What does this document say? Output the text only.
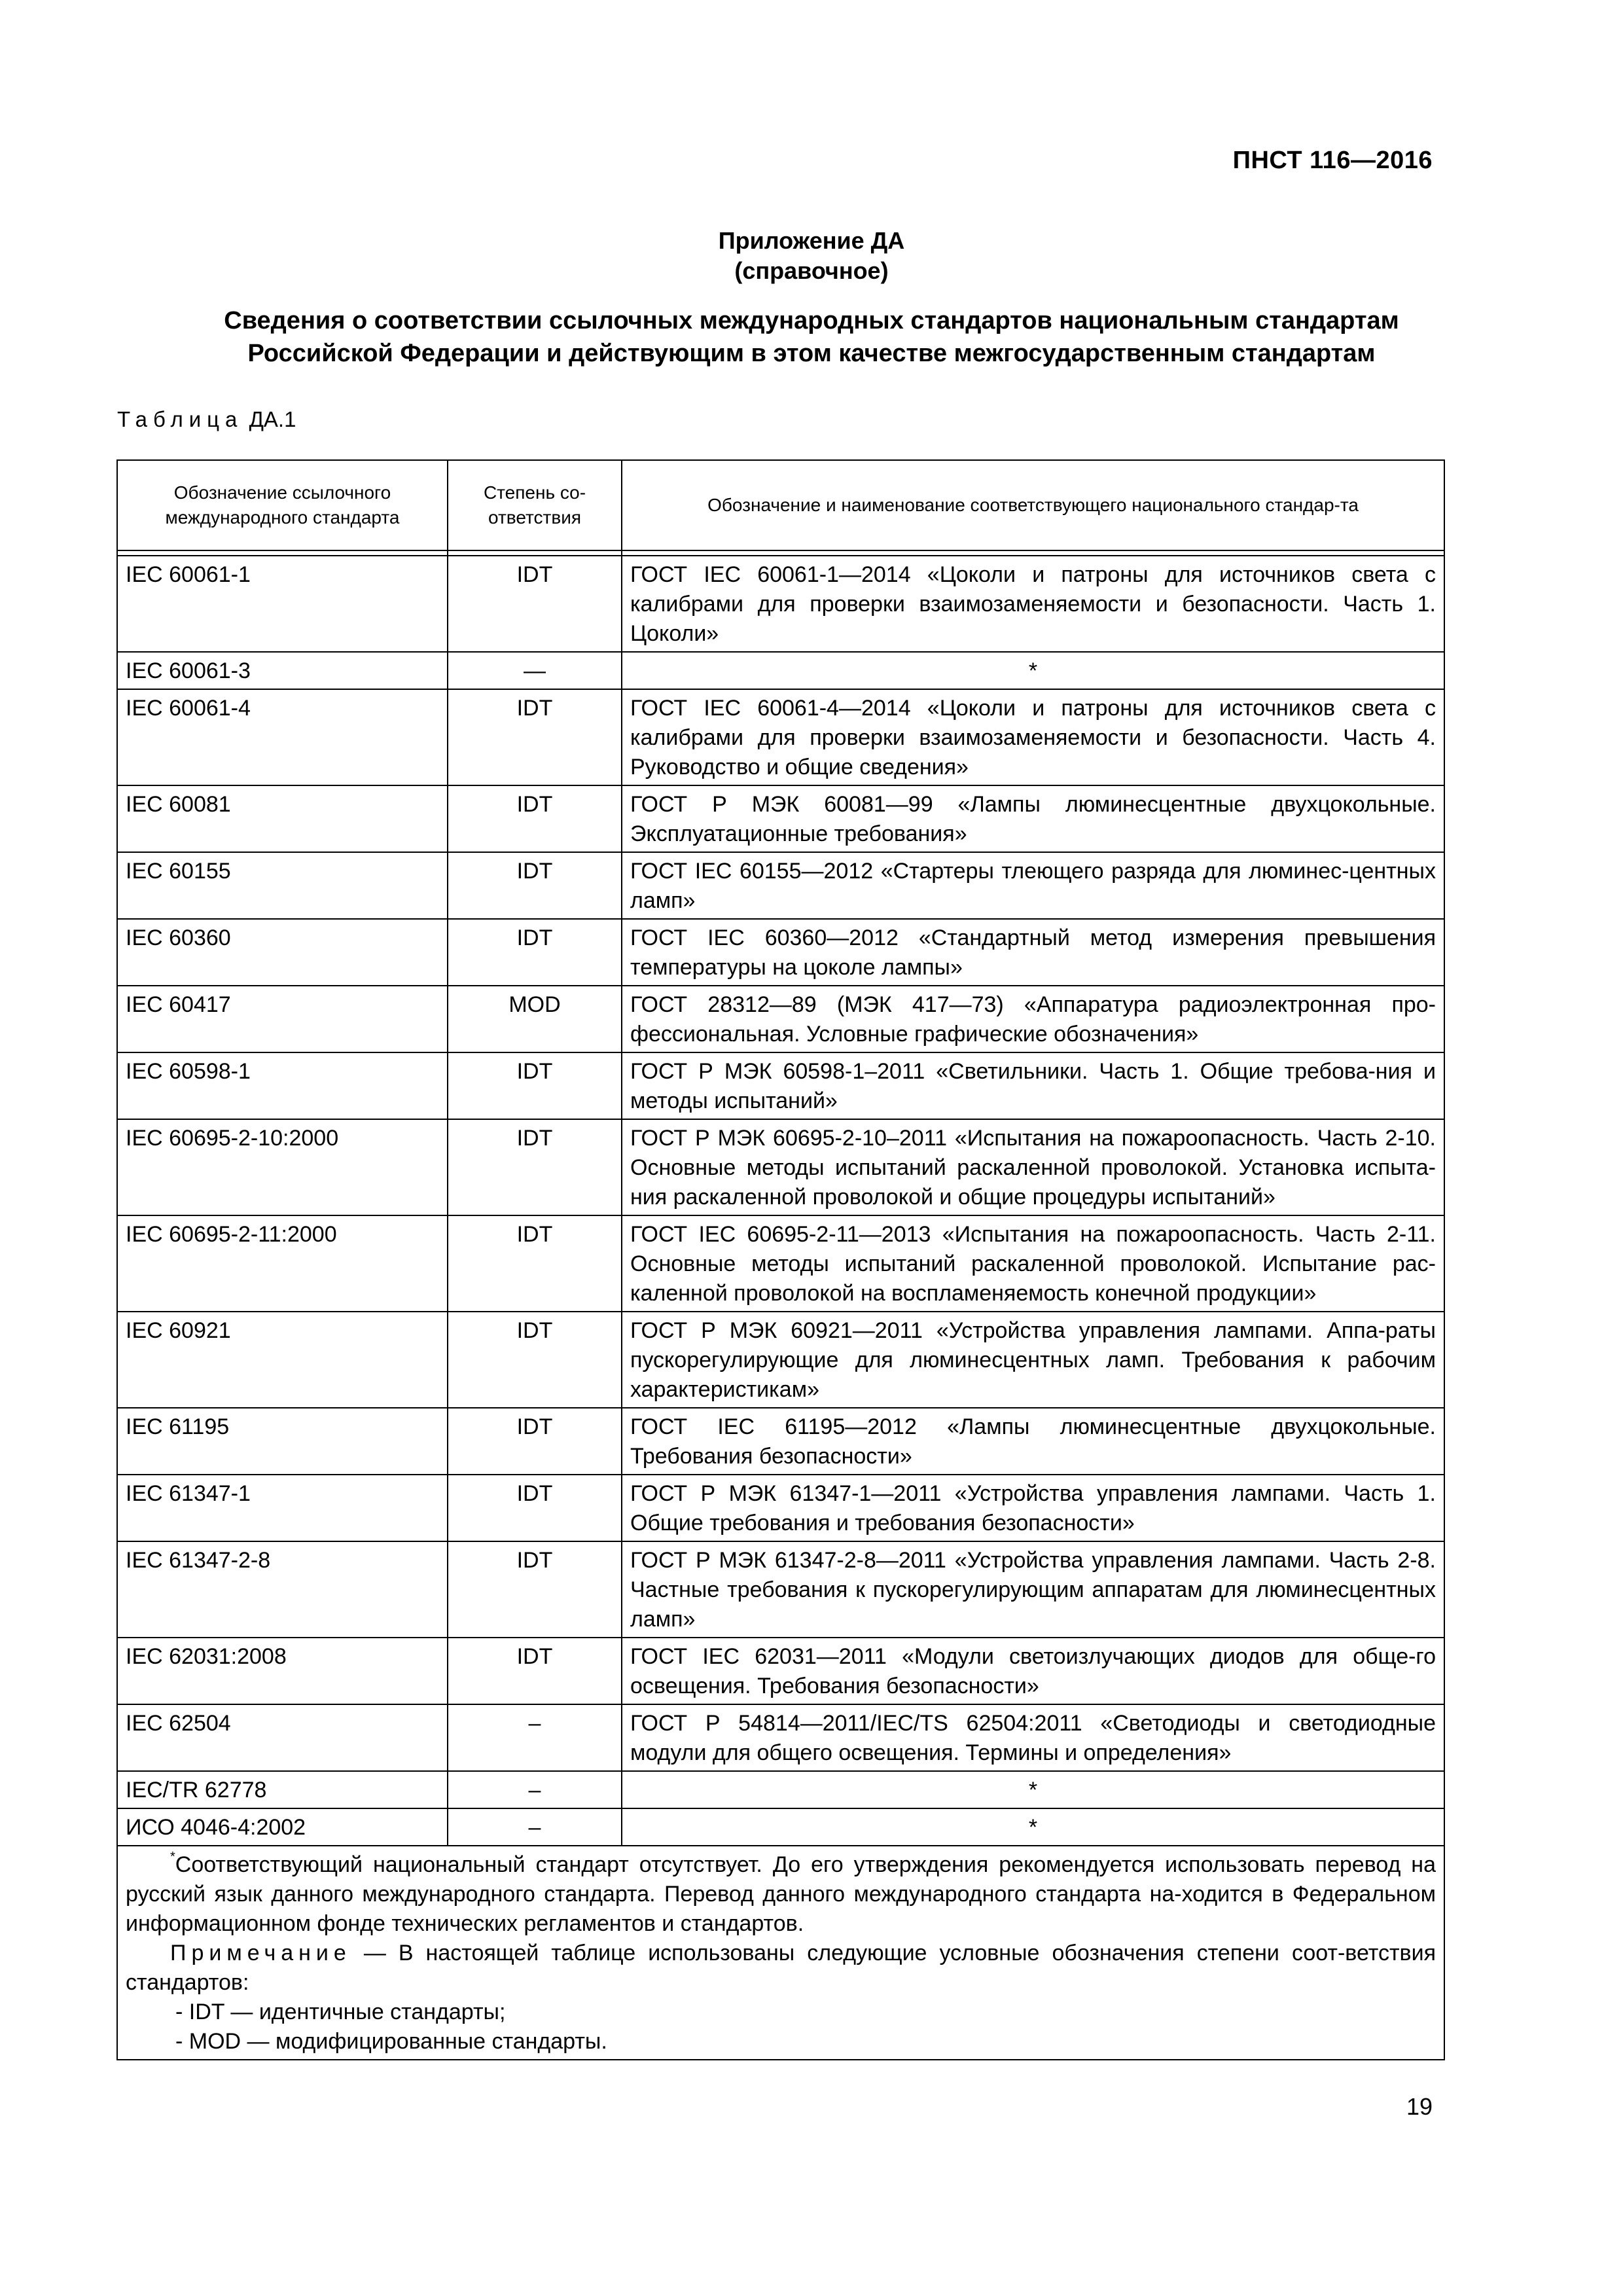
ПНСТ 116—2016
Приложение ДА
(справочное)
Сведения о соответствии ссылочных международных стандартов национальным стандартам
Российской Федерации и действующим в этом качестве межгосударственным стандартам
Таблица ДА.1
Обозначение ссылочного международного стандарта	Степень со-ответствия	Обозначение и наименование соответствующего национального стандар-та

IEC 60061-1	IDT	ГОСТ IEC 60061-1—2014 «Цоколи и патроны для источников света с калибрами для проверки взаимозаменяемости и безопасности. Часть 1. Цоколи»
IEC 60061-3	—	*
IEC 60061-4	IDT	ГОСТ IEC 60061-4—2014 «Цоколи и патроны для источников света с калибрами для проверки взаимозаменяемости и безопасности. Часть 4. Руководство и общие сведения»
IEC 60081	IDT	ГОСТ Р МЭК 60081—99 «Лампы люминесцентные двухцокольные. Эксплуатационные требования»
IEC 60155	IDT	ГОСТ IEC 60155—2012 «Стартеры тлеющего разряда для люминес-центных ламп»
IEC 60360	IDT	ГОСТ IEC 60360—2012 «Стандартный метод измерения превышения температуры на цоколе лампы»
IEC 60417	MOD	ГОСТ 28312—89 (МЭК 417—73) «Аппаратура радиоэлектронная про-фессиональная. Условные графические обозначения»
IEC 60598-1	IDT	ГОСТ Р МЭК 60598-1–2011 «Светильники. Часть 1. Общие требова-ния и методы испытаний»
IEC 60695-2-10:2000	IDT	ГОСТ Р МЭК 60695-2-10–2011 «Испытания на пожароопасность. Часть 2-10. Основные методы испытаний раскаленной проволокой. Установка испыта-ния раскаленной проволокой и общие процедуры испытаний»
IEC 60695-2-11:2000	IDT	ГОСТ IEC 60695-2-11—2013 «Испытания на пожароопасность. Часть 2-11. Основные методы испытаний раскаленной проволокой. Испытание рас-каленной проволокой на воспламеняемость конечной продукции»
IEC 60921	IDT	ГОСТ Р МЭК 60921—2011 «Устройства управления лампами. Аппа-раты пускорегулирующие для люминесцентных ламп. Требования к рабочим характеристикам»
IEC 61195	IDT	ГОСТ IEC 61195—2012 «Лампы люминесцентные двухцокольные. Требования безопасности»
IEC 61347-1	IDT	ГОСТ Р МЭК 61347-1—2011 «Устройства управления лампами. Часть 1. Общие требования и требования безопасности»
IEC 61347-2-8	IDT	ГОСТ Р МЭК 61347-2-8—2011 «Устройства управления лампами. Часть 2-8. Частные требования к пускорегулирующим аппаратам для люминесцентных ламп»
IEC 62031:2008	IDT	ГОСТ IEC 62031—2011 «Модули светоизлучающих диодов для обще-го освещения. Требования безопасности»
IEC 62504	–	ГОСТ Р 54814—2011/IEC/TS 62504:2011 «Светодиоды и светодиодные модули для общего освещения. Термины и определения»
IEC/TR 62778	–	*
ИСО 4046-4:2002	–	*

*Соответствующий национальный стандарт отсутствует. До его утверждения рекомендуется использовать перевод на русский язык данного международного стандарта. Перевод данного международного стандарта на-ходится в Федеральном информационном фонде технических регламентов и стандартов.

Примечание — В настоящей таблице использованы следующие условные обозначения степени соот-ветствия стандартов:

- IDT — идентичные стандарты;
- MOD — модифицированные стандарты.		
19
